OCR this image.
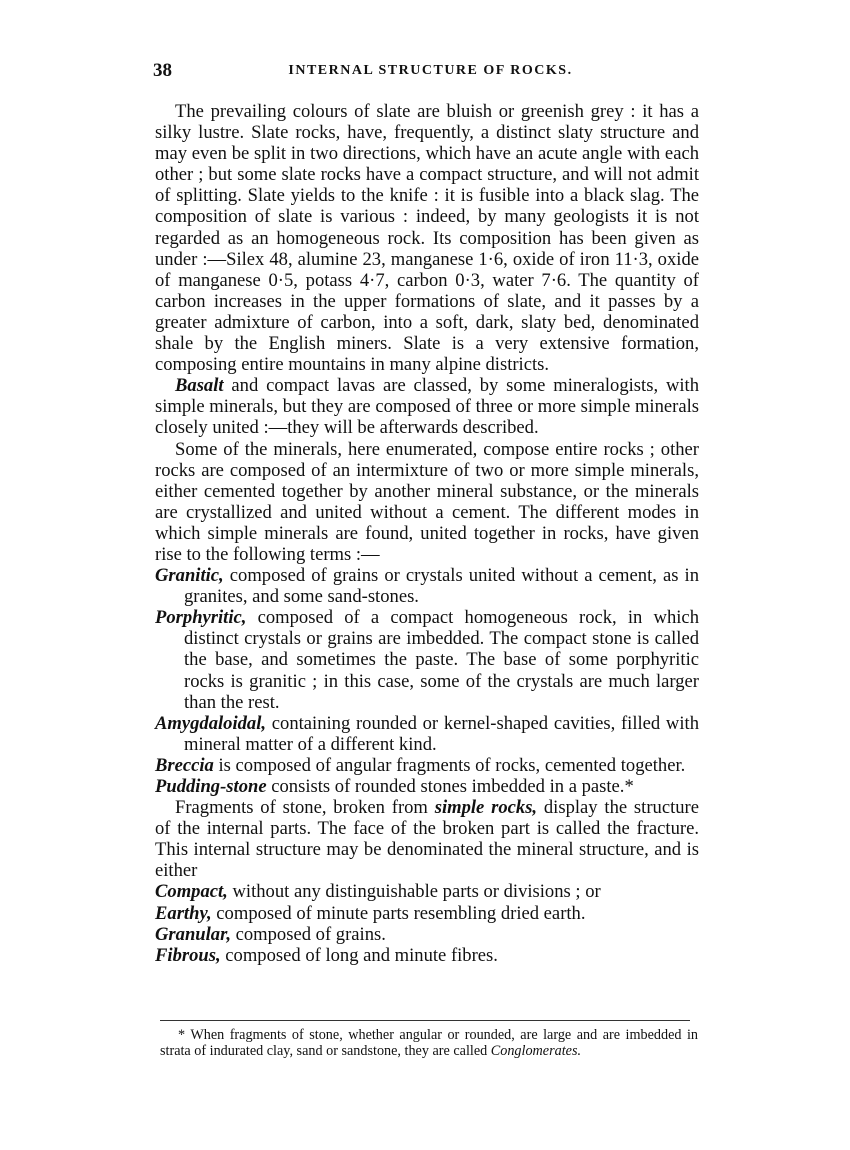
38	INTERNAL STRUCTURE OF ROCKS.

The prevailing colours of slate are bluish or greenish grey : it has a silky lustre. Slate rocks, have, frequently, a distinct slaty structure and may even be split in two directions, which have an acute angle with each other ; but some slate rocks have a compact structure, and will not admit of splitting. Slate yields to the knife : it is fusible into a black slag. The composition of slate is various : indeed, by many geologists it is not regarded as an homogeneous rock. Its composition has been given as under :—Silex 48, alumine 23, manganese 1·6, oxide of iron 11·3, oxide of manganese 0·5, potass 4·7, carbon 0·3, water 7·6. The quantity of carbon increases in the upper formations of slate, and it passes by a greater admixture of carbon, into a soft, dark, slaty bed, denominated shale by the English miners. Slate is a very extensive formation, composing entire mountains in many alpine districts.

Basalt and compact lavas are classed, by some mineralogists, with simple minerals, but they are composed of three or more simple minerals closely united :—they will be afterwards described.

Some of the minerals, here enumerated, compose entire rocks ; other rocks are composed of an intermixture of two or more simple minerals, either cemented together by another mineral substance, or the minerals are crystallized and united without a cement. The different modes in which simple minerals are found, united together in rocks, have given rise to the following terms :—

Granitic, composed of grains or crystals united without a cement, as in granites, and some sand-stones.

Porphyritic, composed of a compact homogeneous rock, in which distinct crystals or grains are imbedded. The compact stone is called the base, and sometimes the paste. The base of some porphyritic rocks is granitic ; in this case, some of the crystals are much larger than the rest.

Amygdaloidal, containing rounded or kernel-shaped cavities, filled with mineral matter of a different kind.

Breccia is composed of angular fragments of rocks, cemented together.

Pudding-stone consists of rounded stones imbedded in a paste.*

Fragments of stone, broken from simple rocks, display the structure of the internal parts. The face of the broken part is called the fracture. This internal structure may be denominated the mineral structure, and is either

Compact, without any distinguishable parts or divisions ; or

Earthy, composed of minute parts resembling dried earth.

Granular, composed of grains.

Fibrous, composed of long and minute fibres.

* When fragments of stone, whether angular or rounded, are large and are imbedded in strata of indurated clay, sand or sandstone, they are called Conglomerates.
